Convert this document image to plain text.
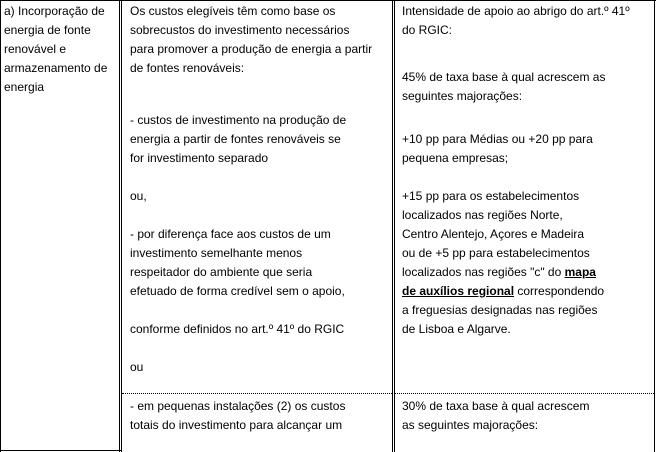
a) Incorporação de
energia de fonte
renovável e
armazenamento de
energia
Os custos elegíveis têm como base os
sobrecustos do investimento necessários
para promover a produção de energia a partir
de fontes renováveis:
- custos de investimento na produção de
energia a partir de fontes renováveis se
for investimento separado
ou,
- por diferença face aos custos de um
investimento semelhante menos
respeitador do ambiente que seria
efetuado de forma credível sem o apoio,
conforme definidos no art.º 41º do RGIC
ou
- em pequenas instalações (2) os custos
totais do investimento para alcançar um
Intensidade de apoio ao abrigo do art.º 41º
do RGIC:
45% de taxa base à qual acrescem as
seguintes majorações:
+10 pp para Médias ou +20 pp para
pequena empresas;
+15 pp para os estabelecimentos
localizados nas regiões Norte,
Centro Alentejo, Açores e Madeira
ou de +5 pp para estabelecimentos
localizados nas regiões "c" do mapa
de auxílios regional correspondendo
a freguesias designadas nas regiões
de Lisboa e Algarve.
30% de taxa base à qual acrescem
as seguintes majorações:
